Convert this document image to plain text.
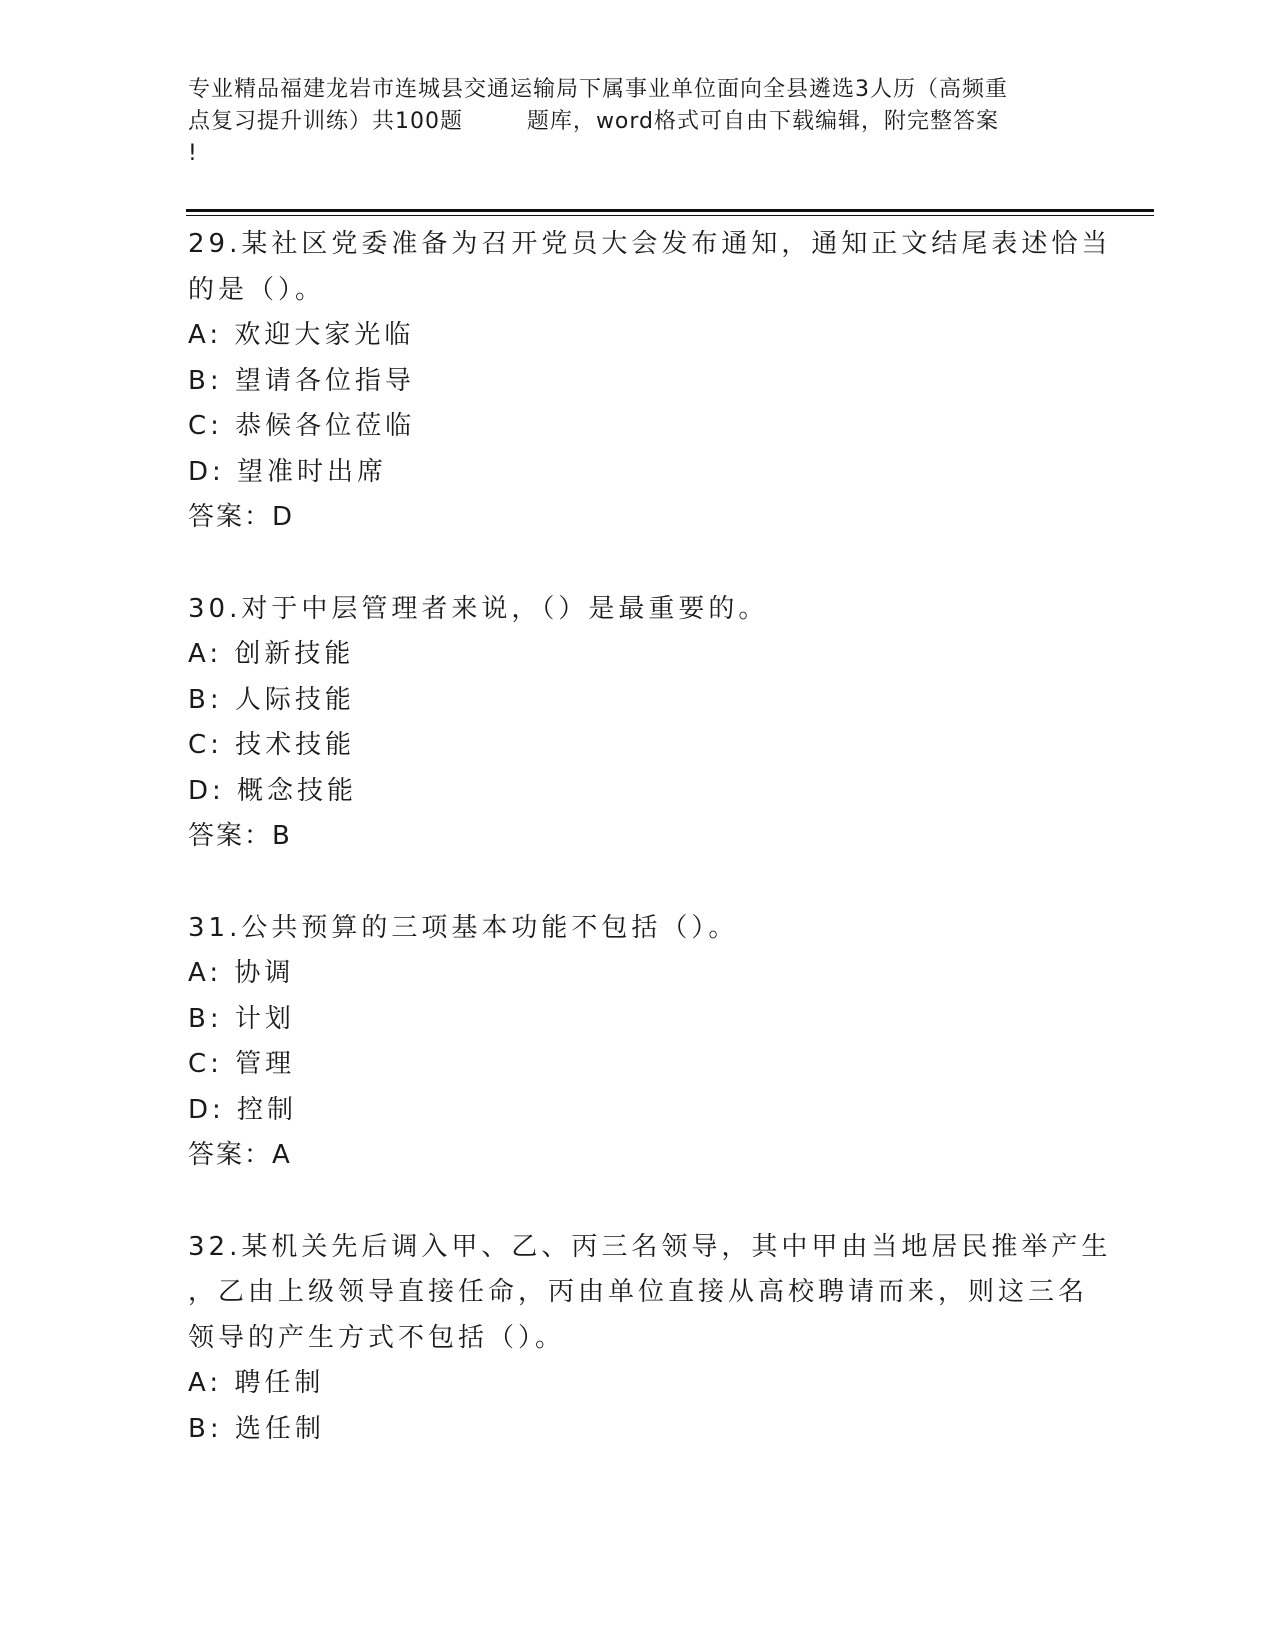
专业精品福建龙岩市连城县交通运输局下属事业单位面向全县遴选3人历（高频重
点复习提升训练）共100题        题库，word格式可自由下载编辑，附完整答案
!
29.某社区党委准备为召开党员大会发布通知，通知正文结尾表述恰当
的是（）。
A: 欢迎大家光临
B: 望请各位指导
C: 恭候各位莅临
D: 望准时出席
答案：D
30.对于中层管理者来说，（）是最重要的。
A: 创新技能
B: 人际技能
C: 技术技能
D: 概念技能
答案：B
31.公共预算的三项基本功能不包括（）。
A: 协调
B: 计划
C: 管理
D: 控制
答案：A
32.某机关先后调入甲、乙、丙三名领导，其中甲由当地居民推举产生
，乙由上级领导直接任命，丙由单位直接从高校聘请而来，则这三名
领导的产生方式不包括（）。
A: 聘任制
B: 选任制
